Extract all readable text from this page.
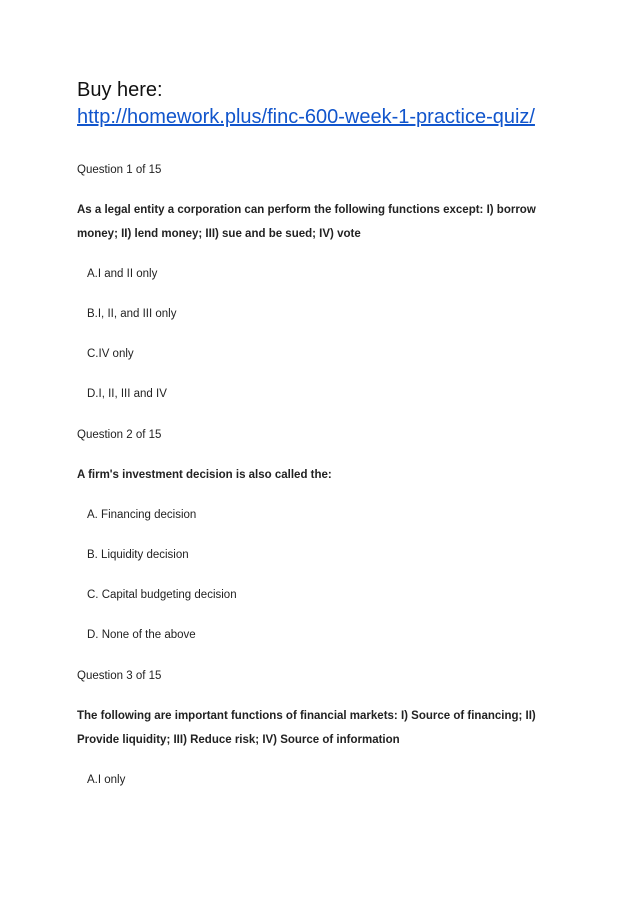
Buy here:
http://homework.plus/finc-600-week-1-practice-quiz/
Question 1 of 15
As a legal entity a corporation can perform the following functions except: I) borrow
money; II) lend money; III) sue and be sued; IV) vote
A.I and II only
B.I, II, and III only
C.IV only
D.I, II, III and IV
Question 2 of 15
A firm's investment decision is also called the:
A. Financing decision
B. Liquidity decision
C. Capital budgeting decision
D. None of the above
Question 3 of 15
The following are important functions of financial markets: I) Source of financing; II)
Provide liquidity; III) Reduce risk; IV) Source of information
A.I only
